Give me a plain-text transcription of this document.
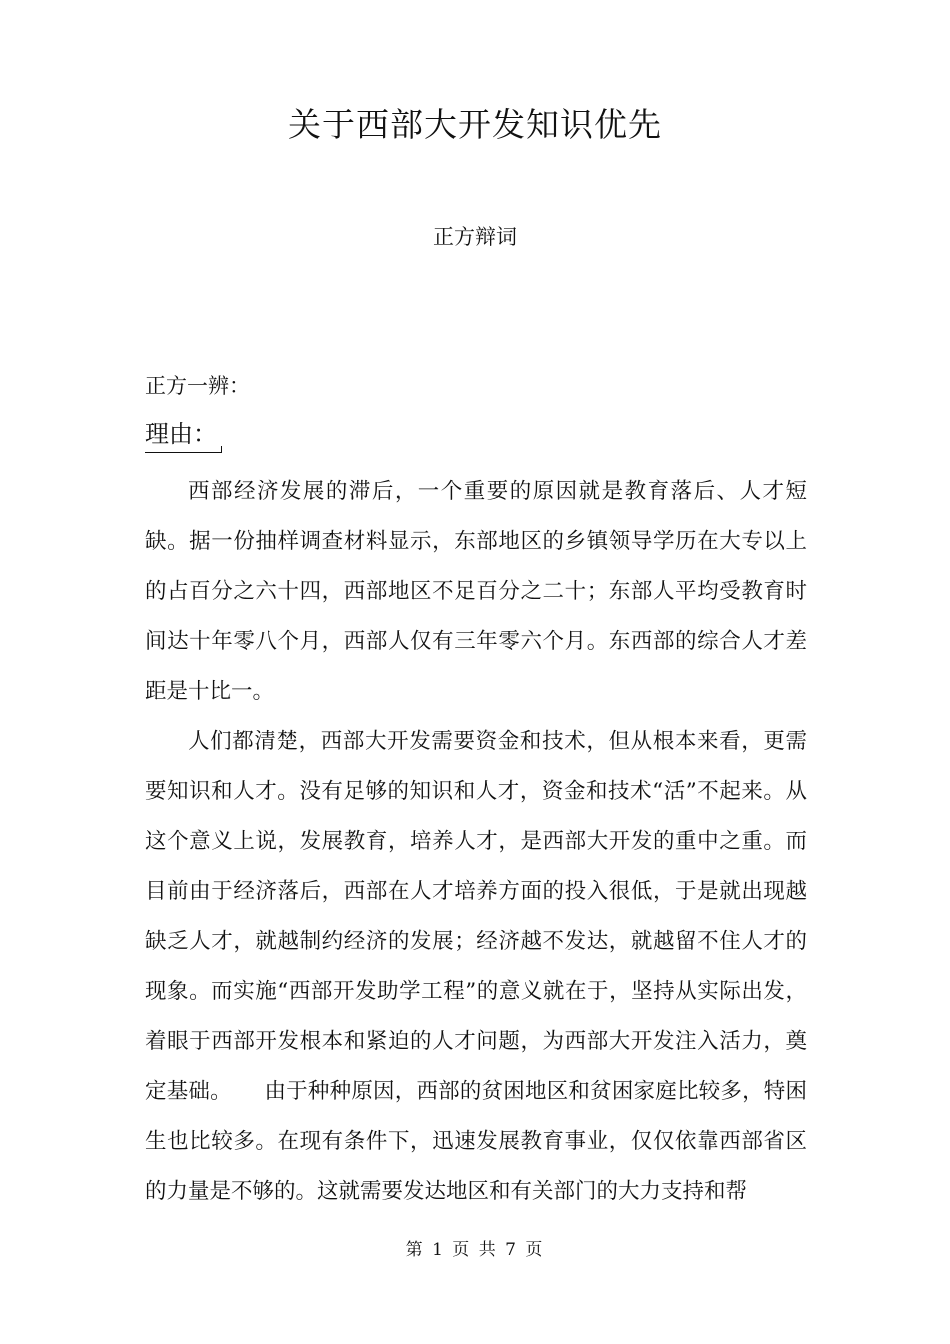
关于西部大开发知识优先
正方辩词
正方一辨：
理由：

西部经济发展的滞后，一个重要的原因就是教育落后、人才短缺。据一份抽样调查材料显示，东部地区的乡镇领导学历在大专以上的占百分之六十四，西部地区不足百分之二十；东部人平均受教育时间达十年零八个月，西部人仅有三年零六个月。东西部的综合人才差距是十比一。

人们都清楚，西部大开发需要资金和技术，但从根本来看，更需要知识和人才。没有足够的知识和人才，资金和技术“活”不起来。从这个意义上说，发展教育，培养人才，是西部大开发的重中之重。而目前由于经济落后，西部在人才培养方面的投入很低，于是就出现越缺乏人才，就越制约经济的发展；经济越不发达，就越留不住人才的现象。而实施“西部开发助学工程”的意义就在于，坚持从实际出发，着眼于西部开发根本和紧迫的人才问题，为西部大开发注入活力，奠定基础。　　由于种种原因，西部的贫困地区和贫困家庭比较多，特困生也比较多。在现有条件下，迅速发展教育事业，仅仅依靠西部省区的力量是不够的。这就需要发达地区和有关部门的大力支持和帮

第 1 页 共 7 页
